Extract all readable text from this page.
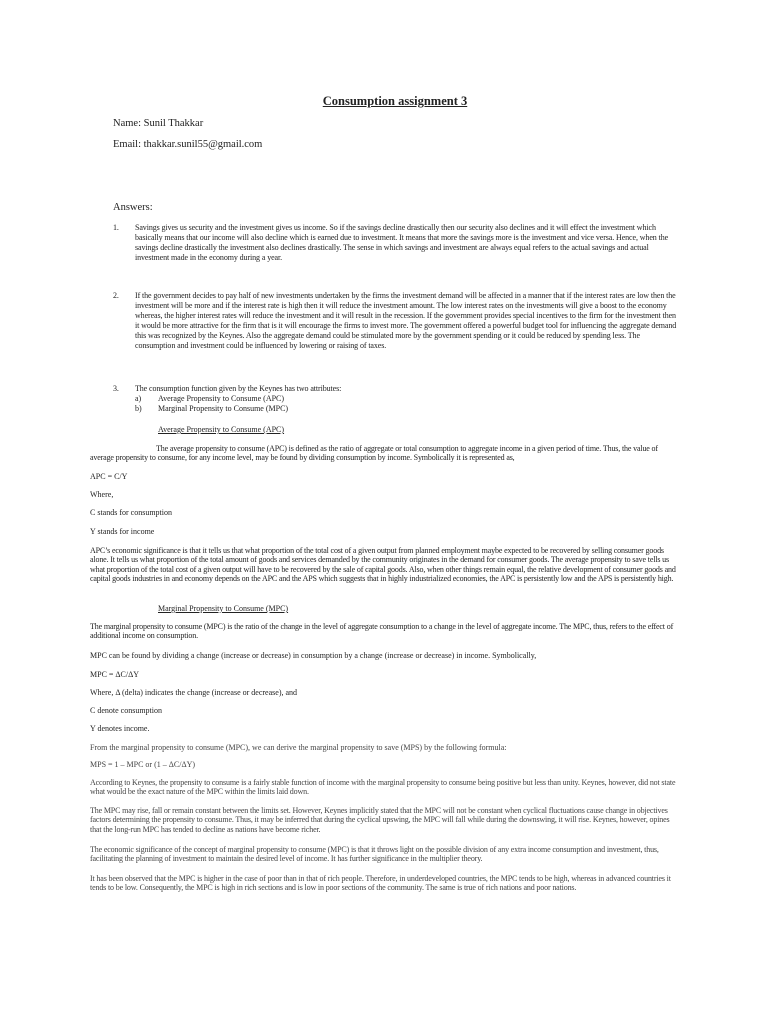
Consumption assignment 3
Name: Sunil Thakkar
Email: thakkar.sunil55@gmail.com
Answers:
1. Savings gives us security and the investment gives us income. So if the savings decline drastically then our security also declines and it will effect the investment which basically means that our income will also decline which is earned due to investment. It means that more the savings more is the investment and vice versa. Hence, when the savings decline drastically the investment also declines drastically. The sense in which savings and investment are always equal refers to the actual savings and actual investment made in the economy during a year.
2. If the government decides to pay half of new investments undertaken by the firms the investment demand will be affected in a manner that if the interest rates are low then the investment will be more and if the interest rate is high then it will reduce the investment amount. The low interest rates on the investments will give a boost to the economy whereas, the higher interest rates will reduce the investment and it will result in the recession. If the government provides special incentives to the firm for the investment then it would be more attractive for the firm that is it will encourage the firms to invest more. The government offered a powerful budget tool for influencing the aggregate demand this was recognized by the Keynes. Also the aggregate demand could be stimulated more by the government spending or it could be reduced by spending less. The consumption and investment could be influenced by lowering or raising of taxes.
3. The consumption function given by the Keynes has two attributes:
a) Average Propensity to Consume (APC)
b) Marginal Propensity to Consume (MPC)
Average Propensity to Consume (APC)
The average propensity to consume (APC) is defined as the ratio of aggregate or total consumption to aggregate income in a given period of time. Thus, the value of average propensity to consume, for any income level, may be found by dividing consumption by income. Symbolically it is represented as,
APC = C/Y
Where,
C stands for consumption
Y stands for income
APC’s economic significance is that it tells us that what proportion of the total cost of a given output from planned employment maybe expected to be recovered by selling consumer goods alone. It tells us what proportion of the total amount of goods and services demanded by the community originates in the demand for consumer goods. The average propensity to save tells us what proportion of the total cost of a given output will have to be recovered by the sale of capital goods. Also, when other things remain equal, the relative development of consumer goods and capital goods industries in and economy depends on the APC and the APS which suggests that in highly industrialized economies, the APC is persistently low and the APS is persistently high.
Marginal Propensity to Consume (MPC)
The marginal propensity to consume (MPC) is the ratio of the change in the level of aggregate consumption to a change in the level of aggregate income. The MPC, thus, refers to the effect of additional income on consumption.
MPC can be found by dividing a change (increase or decrease) in consumption by a change (increase or decrease) in income. Symbolically,
MPC = ΔC/ΔY
Where, Δ (delta) indicates the change (increase or decrease), and
C denote consumption
Y denotes income.
From the marginal propensity to consume (MPC), we can derive the marginal propensity to save (MPS) by the following formula:
MPS = 1 – MPC or (1 – ΔC/ΔY)
According to Keynes, the propensity to consume is a fairly stable function of income with the marginal propensity to consume being positive but less than unity. Keynes, however, did not state what would be the exact nature of the MPC within the limits laid down.
The MPC may rise, fall or remain constant between the limits set. However, Keynes implicitly stated that the MPC will not be constant when cyclical fluctuations cause change in objectives factors determining the propensity to consume. Thus, it may be inferred that during the cyclical upswing, the MPC will fall while during the downswing, it will rise. Keynes, however, opines that the long-run MPC has tended to decline as nations have become richer.
The economic significance of the concept of marginal propensity to consume (MPC) is that it throws light on the possible division of any extra income consumption and investment, thus, facilitating the planning of investment to maintain the desired level of income. It has further significance in the multiplier theory.
It has been observed that the MPC is higher in the case of poor than in that of rich people. Therefore, in underdeveloped countries, the MPC tends to be high, whereas in advanced countries it tends to be low. Consequently, the MPC is high in rich sections and is low in poor sections of the community. The same is true of rich nations and poor nations.
